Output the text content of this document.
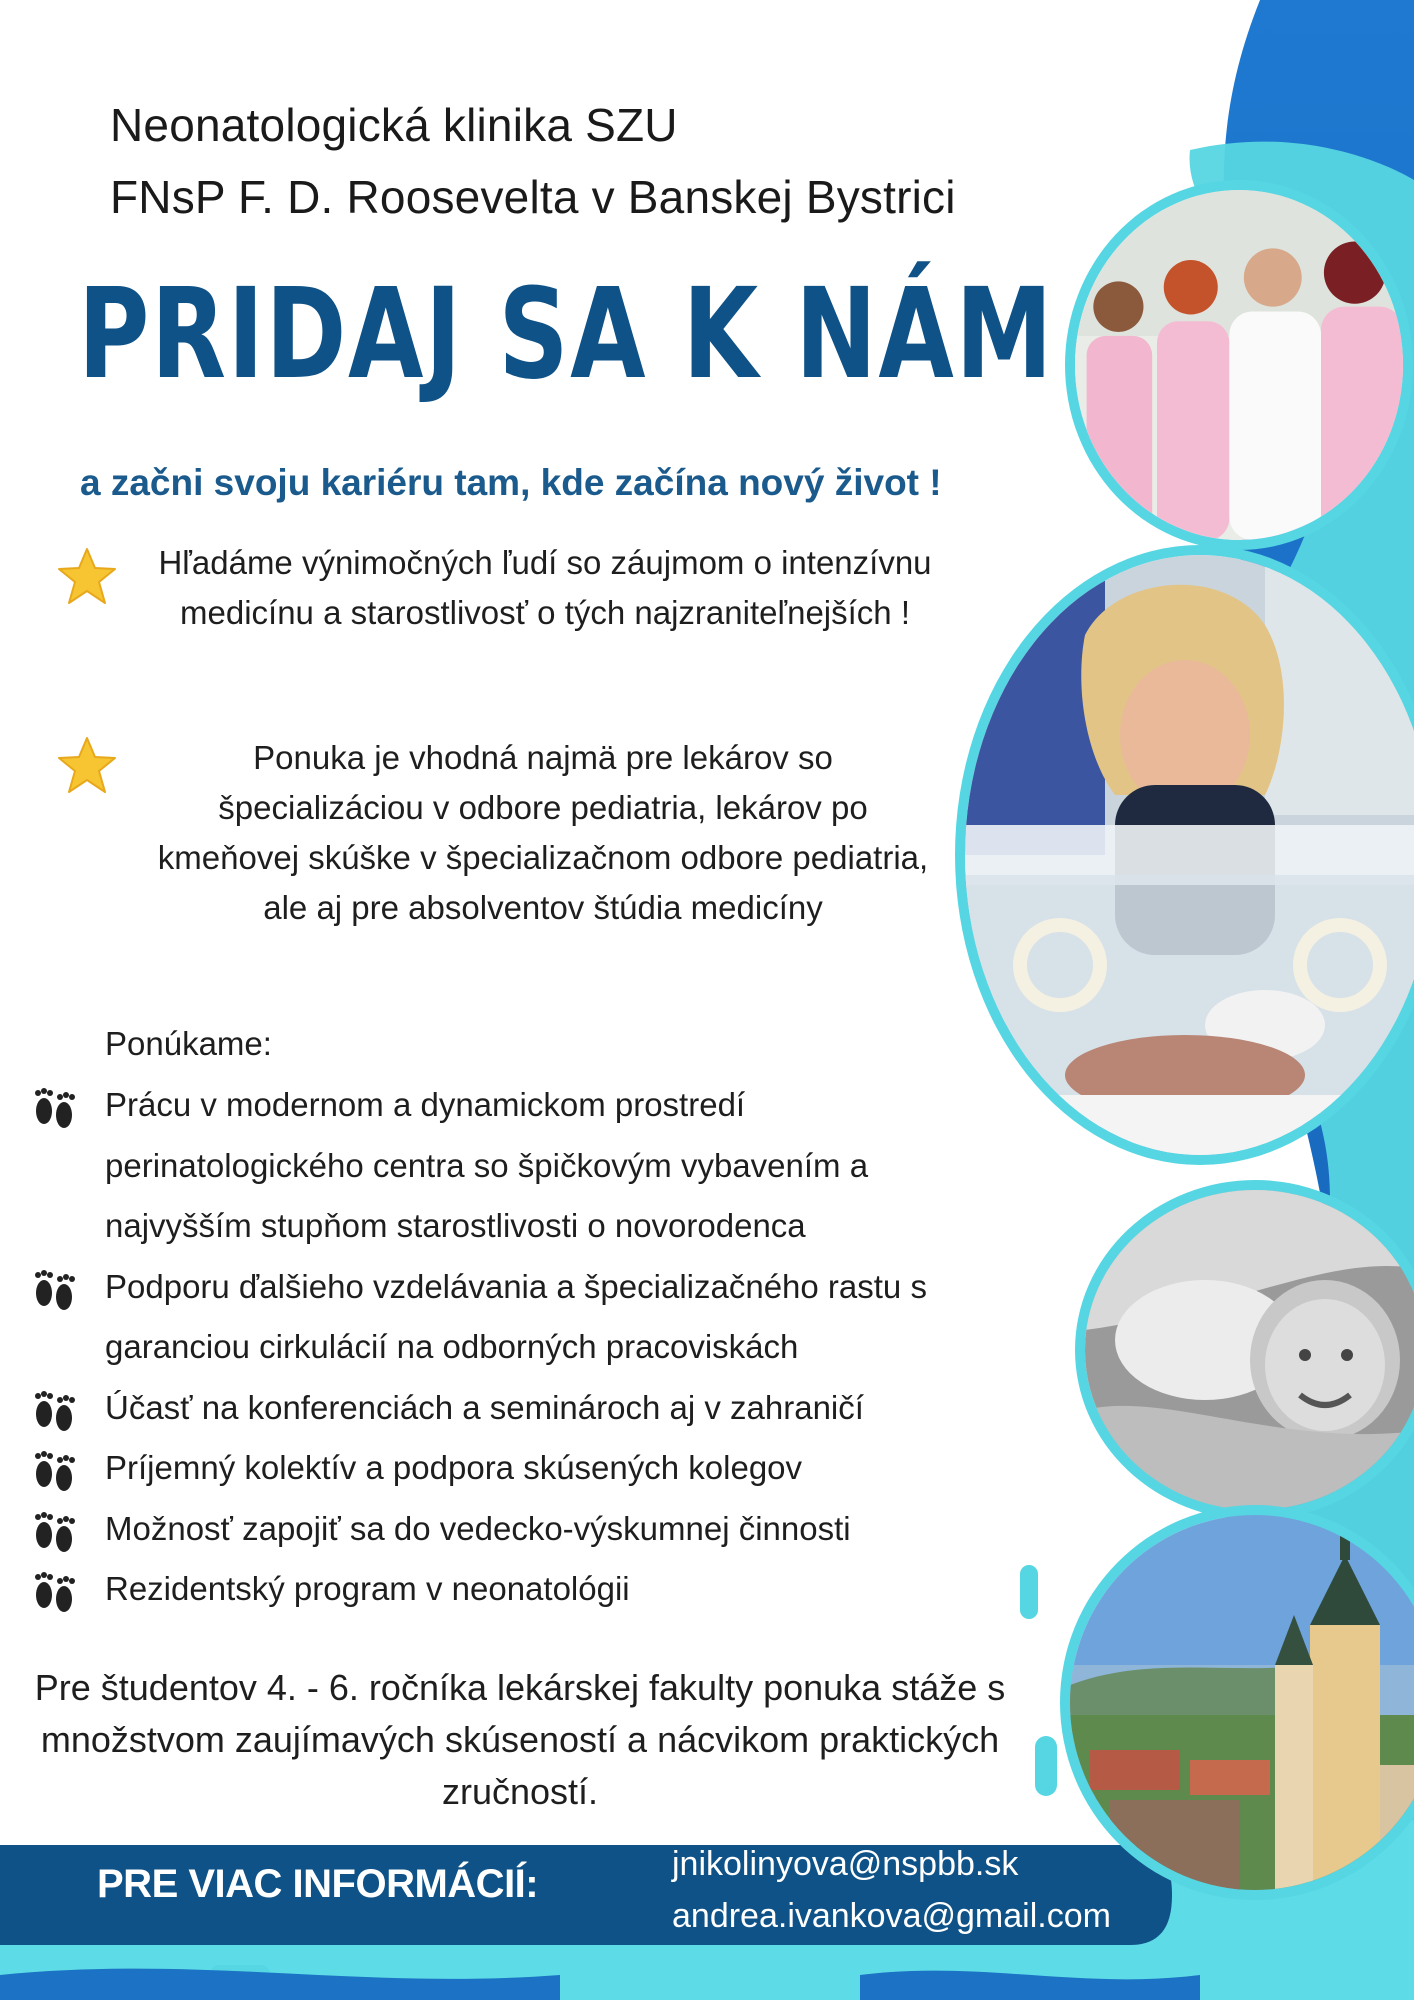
Neonatologická klinika SZU
FNsP F. D. Roosevelta v Banskej Bystrici
PRIDAJ SA K NÁM
a začni svoju kariéru tam, kde začína nový život !
Hľadáme výnimočných ľudí so záujmom o intenzívnu medicínu a starostlivosť o tých najzraniteľnejších !
Ponuka je vhodná najmä pre lekárov so špecializáciou v odbore pediatria, lekárov po kmeňovej skúške v špecializačnom odbore pediatria, ale aj pre absolventov štúdia medicíny
Ponúkame:
Prácu v modernom a dynamickom prostredí perinatologického centra so špičkovým vybavením a najvyšším stupňom starostlivosti o novorodenca
Podporu ďalšieho vzdelávania a špecializačného rastu s garanciou cirkulácií na odborných pracoviskách
Účasť na konferenciách a seminároch aj v zahraničí
Príjemný kolektív a podpora skúsených kolegov
Možnosť zapojiť sa do vedecko-výskumnej činnosti
Rezidentský program v neonatológii
Pre študentov 4. - 6. ročníka lekárskej fakulty ponuka stáže s množstvom zaujímavých skúseností a nácvikom praktických zručností.
PRE VIAC INFORMÁCIÍ:	jnikolinyova@nspbb.sk
andrea.ivankova@gmail.com
